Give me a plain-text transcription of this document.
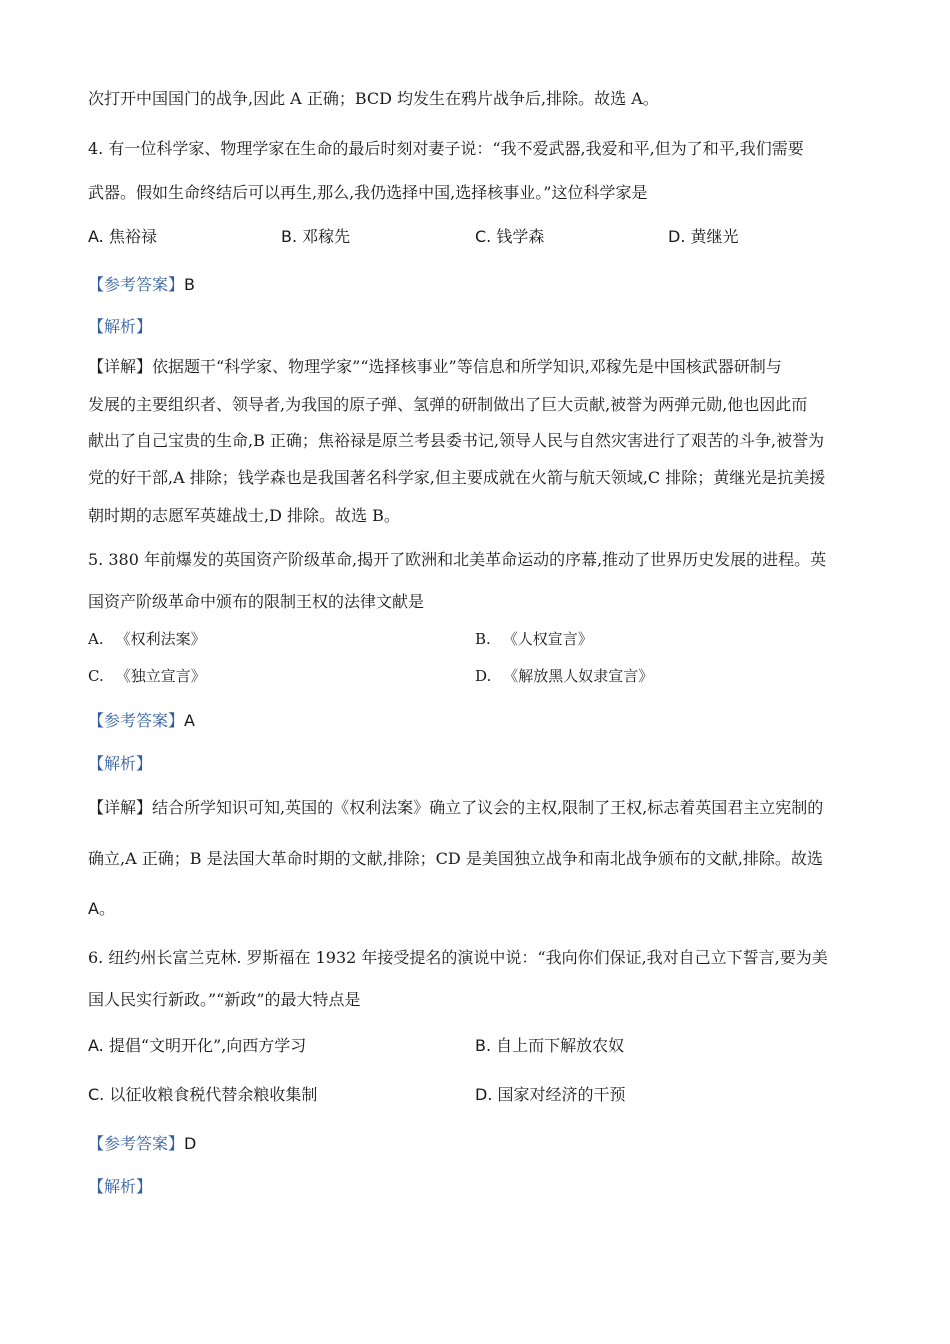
次打开中国国门的战争,因此 A 正确；BCD 均发生在鸦片战争后,排除。故选 A。
4. 有一位科学家、物理学家在生命的最后时刻对妻子说：“我不爱武器,我爱和平,但为了和平,我们需要
武器。假如生命终结后可以再生,那么,我仍选择中国,选择核事业。”这位科学家是
A. 焦裕禄	B. 邓稼先	C. 钱学森	D. 黄继光
【参考答案】B
【解析】
【详解】依据题干“科学家、物理学家”“选择核事业”等信息和所学知识,邓稼先是中国核武器研制与
发展的主要组织者、领导者,为我国的原子弹、氢弹的研制做出了巨大贡献,被誉为两弹元勋,他也因此而
献出了自己宝贵的生命,B 正确；焦裕禄是原兰考县委书记,领导人民与自然灾害进行了艰苦的斗争,被誉为
党的好干部,A 排除；钱学森也是我国著名科学家,但主要成就在火箭与航天领域,C 排除；黄继光是抗美援
朝时期的志愿军英雄战士,D 排除。故选 B。
5. 380 年前爆发的英国资产阶级革命,揭开了欧洲和北美革命运动的序幕,推动了世界历史发展的进程。英
国资产阶级革命中颁布的限制王权的法律文献是
A. 《权利法案》	B. 《人权宣言》
C. 《独立宣言》	D. 《解放黑人奴隶宣言》
【参考答案】A
【解析】
【详解】结合所学知识可知,英国的《权利法案》确立了议会的主权,限制了王权,标志着英国君主立宪制的
确立,A 正确；B 是法国大革命时期的文献,排除；CD 是美国独立战争和南北战争颁布的文献,排除。故选
A。
6. 纽约州长富兰克林. 罗斯福在 1932 年接受提名的演说中说：“我向你们保证,我对自己立下誓言,要为美
国人民实行新政。”“新政”的最大特点是
A. 提倡“文明开化”,向西方学习	B. 自上而下解放农奴
C. 以征收粮食税代替余粮收集制	D. 国家对经济的干预
【参考答案】D
【解析】
